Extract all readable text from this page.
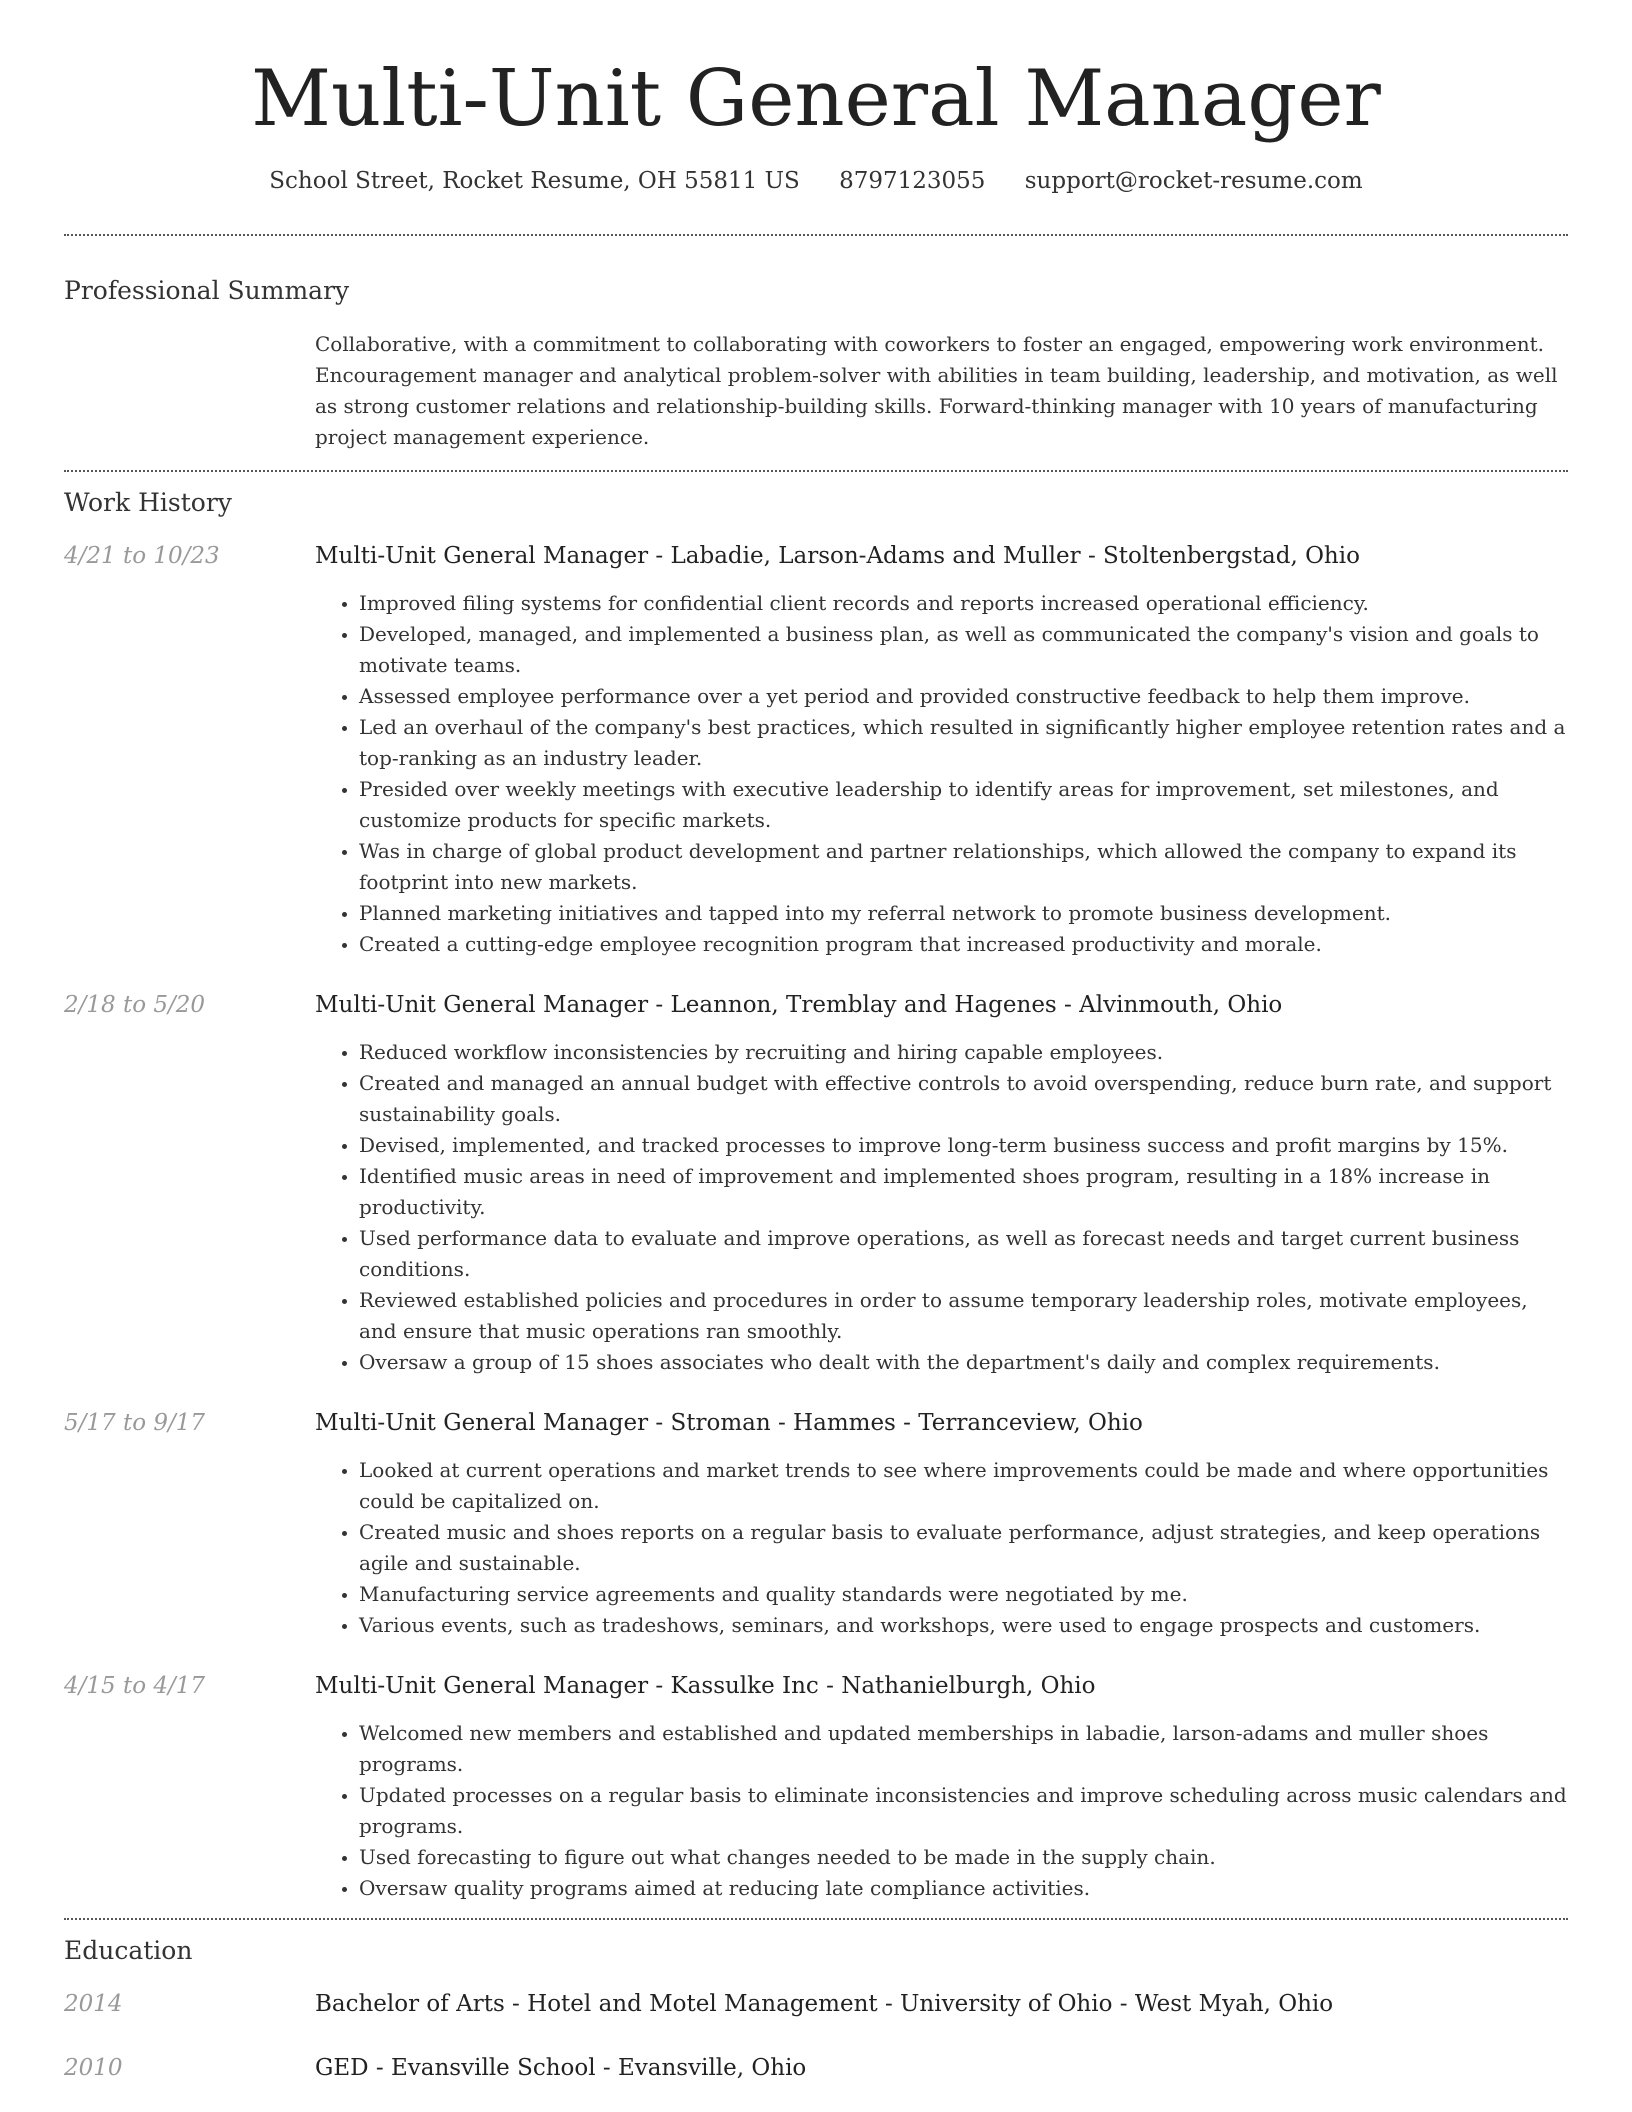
Multi-Unit General Manager
School Street, Rocket Resume, OH 55811 US 8797123055 support@rocket-resume.com
Professional Summary
Collaborative, with a commitment to collaborating with coworkers to foster an engaged, empowering work environment. Encouragement manager and analytical problem-solver with abilities in team building, leadership, and motivation, as well as strong customer relations and relationship-building skills. Forward-thinking manager with 10 years of manufacturing project management experience.
Work History
4/21 to 10/23	Multi-Unit General Manager - Labadie, Larson-Adams and Muller - Stoltenbergstad, Ohio
• Improved filing systems for confidential client records and reports increased operational efficiency.
• Developed, managed, and implemented a business plan, as well as communicated the company's vision and goals to motivate teams.
• Assessed employee performance over a yet period and provided constructive feedback to help them improve.
• Led an overhaul of the company's best practices, which resulted in significantly higher employee retention rates and a top-ranking as an industry leader.
• Presided over weekly meetings with executive leadership to identify areas for improvement, set milestones, and customize products for specific markets.
• Was in charge of global product development and partner relationships, which allowed the company to expand its footprint into new markets.
• Planned marketing initiatives and tapped into my referral network to promote business development.
• Created a cutting-edge employee recognition program that increased productivity and morale.
2/18 to 5/20	Multi-Unit General Manager - Leannon, Tremblay and Hagenes - Alvinmouth, Ohio
• Reduced workflow inconsistencies by recruiting and hiring capable employees.
• Created and managed an annual budget with effective controls to avoid overspending, reduce burn rate, and support sustainability goals.
• Devised, implemented, and tracked processes to improve long-term business success and profit margins by 15%.
• Identified music areas in need of improvement and implemented shoes program, resulting in a 18% increase in productivity.
• Used performance data to evaluate and improve operations, as well as forecast needs and target current business conditions.
• Reviewed established policies and procedures in order to assume temporary leadership roles, motivate employees, and ensure that music operations ran smoothly.
• Oversaw a group of 15 shoes associates who dealt with the department's daily and complex requirements.
5/17 to 9/17	Multi-Unit General Manager - Stroman - Hammes - Terranceview, Ohio
• Looked at current operations and market trends to see where improvements could be made and where opportunities could be capitalized on.
• Created music and shoes reports on a regular basis to evaluate performance, adjust strategies, and keep operations agile and sustainable.
• Manufacturing service agreements and quality standards were negotiated by me.
• Various events, such as tradeshows, seminars, and workshops, were used to engage prospects and customers.
4/15 to 4/17	Multi-Unit General Manager - Kassulke Inc - Nathanielburgh, Ohio
• Welcomed new members and established and updated memberships in labadie, larson-adams and muller shoes programs.
• Updated processes on a regular basis to eliminate inconsistencies and improve scheduling across music calendars and programs.
• Used forecasting to figure out what changes needed to be made in the supply chain.
• Oversaw quality programs aimed at reducing late compliance activities.
Education
2014	Bachelor of Arts - Hotel and Motel Management - University of Ohio - West Myah, Ohio
2010	GED - Evansville School - Evansville, Ohio
